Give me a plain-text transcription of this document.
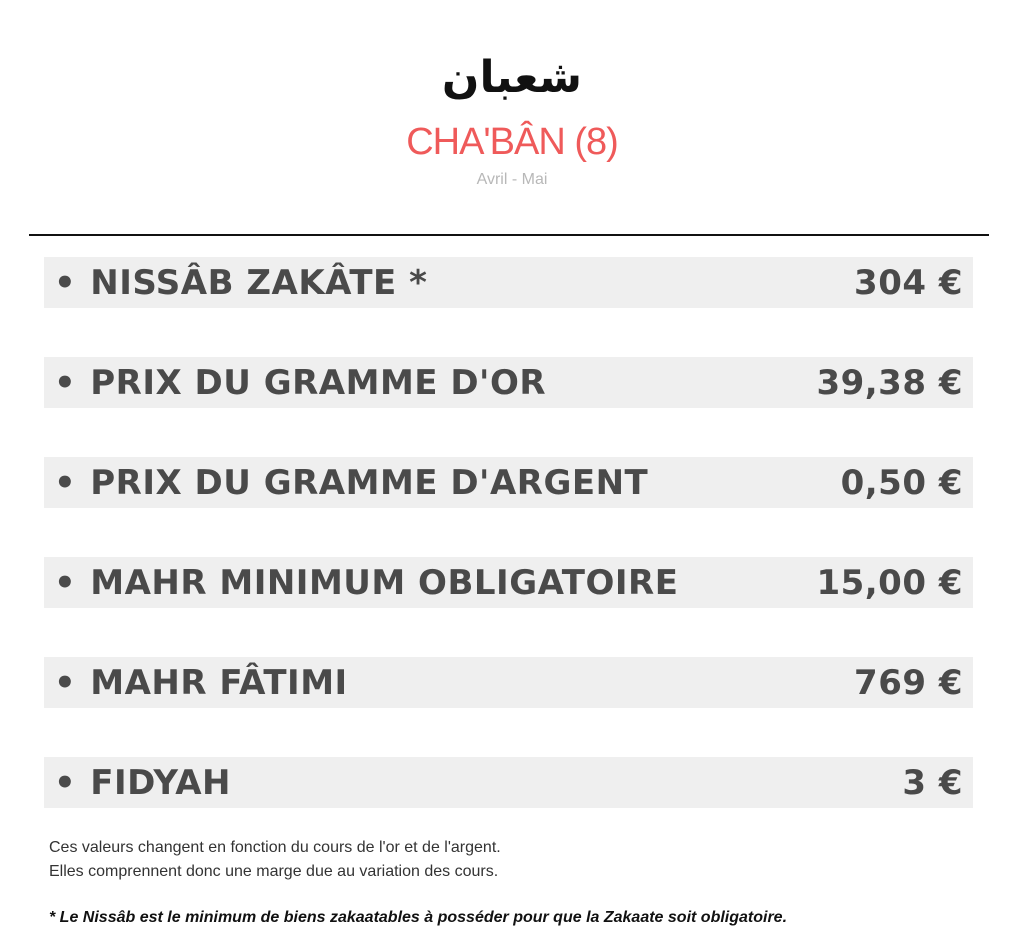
شعبان
CHA'BÂN (8)
Avril - Mai
• NISSÂB ZAKÂTE *	304 €
• PRIX DU GRAMME D'OR	39,38 €
• PRIX DU GRAMME D'ARGENT	0,50 €
• MAHR MINIMUM OBLIGATOIRE	15,00 €
• MAHR FÂTIMI	769 €
• FIDYAH	3 €
Ces valeurs changent en fonction du cours de l'or et de l'argent.
Elles comprennent donc une marge due au variation des cours.
* Le Nissâb est le minimum de biens zakaatables à posséder pour que la Zakaate soit obligatoire.
